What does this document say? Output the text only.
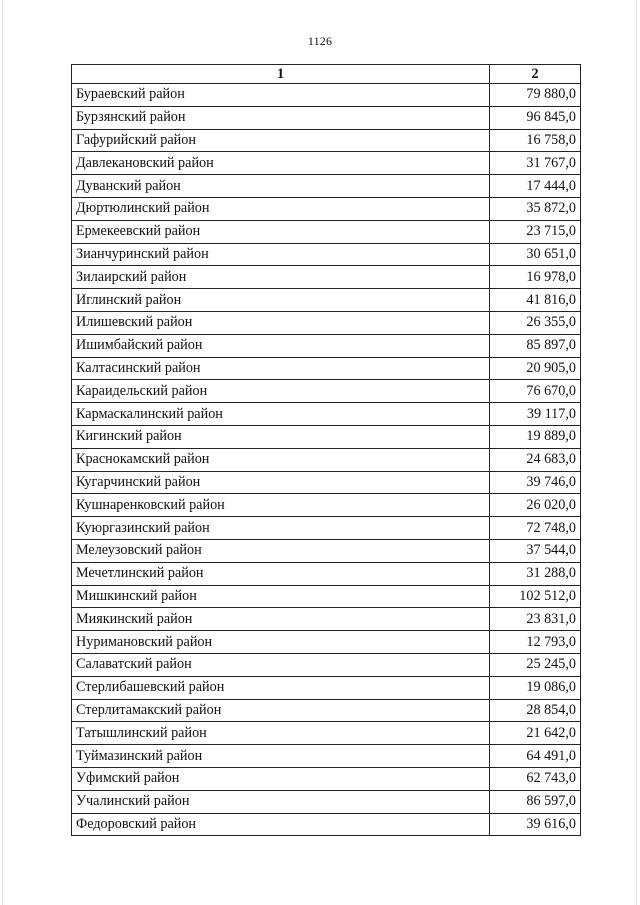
1126
1	2
Бураевский район	79 880,0
Бурзянский район	96 845,0
Гафурийский район	16 758,0
Давлекановский район	31 767,0
Дуванский район	17 444,0
Дюртюлинский район	35 872,0
Ермекеевский район	23 715,0
Зианчуринский район	30 651,0
Зилаирский район	16 978,0
Иглинский район	41 816,0
Илишевский район	26 355,0
Ишимбайский район	85 897,0
Калтасинский район	20 905,0
Караидельский район	76 670,0
Кармаскалинский район	39 117,0
Кигинский район	19 889,0
Краснокамский район	24 683,0
Кугарчинский район	39 746,0
Кушнаренковский район	26 020,0
Куюргазинский район	72 748,0
Мелеузовский район	37 544,0
Мечетлинский район	31 288,0
Мишкинский район	102 512,0
Миякинский район	23 831,0
Нуримановский район	12 793,0
Салаватский район	25 245,0
Стерлибашевский район	19 086,0
Стерлитамакский район	28 854,0
Татышлинский район	21 642,0
Туймазинский район	64 491,0
Уфимский район	62 743,0
Учалинский район	86 597,0
Федоровский район	39 616,0
